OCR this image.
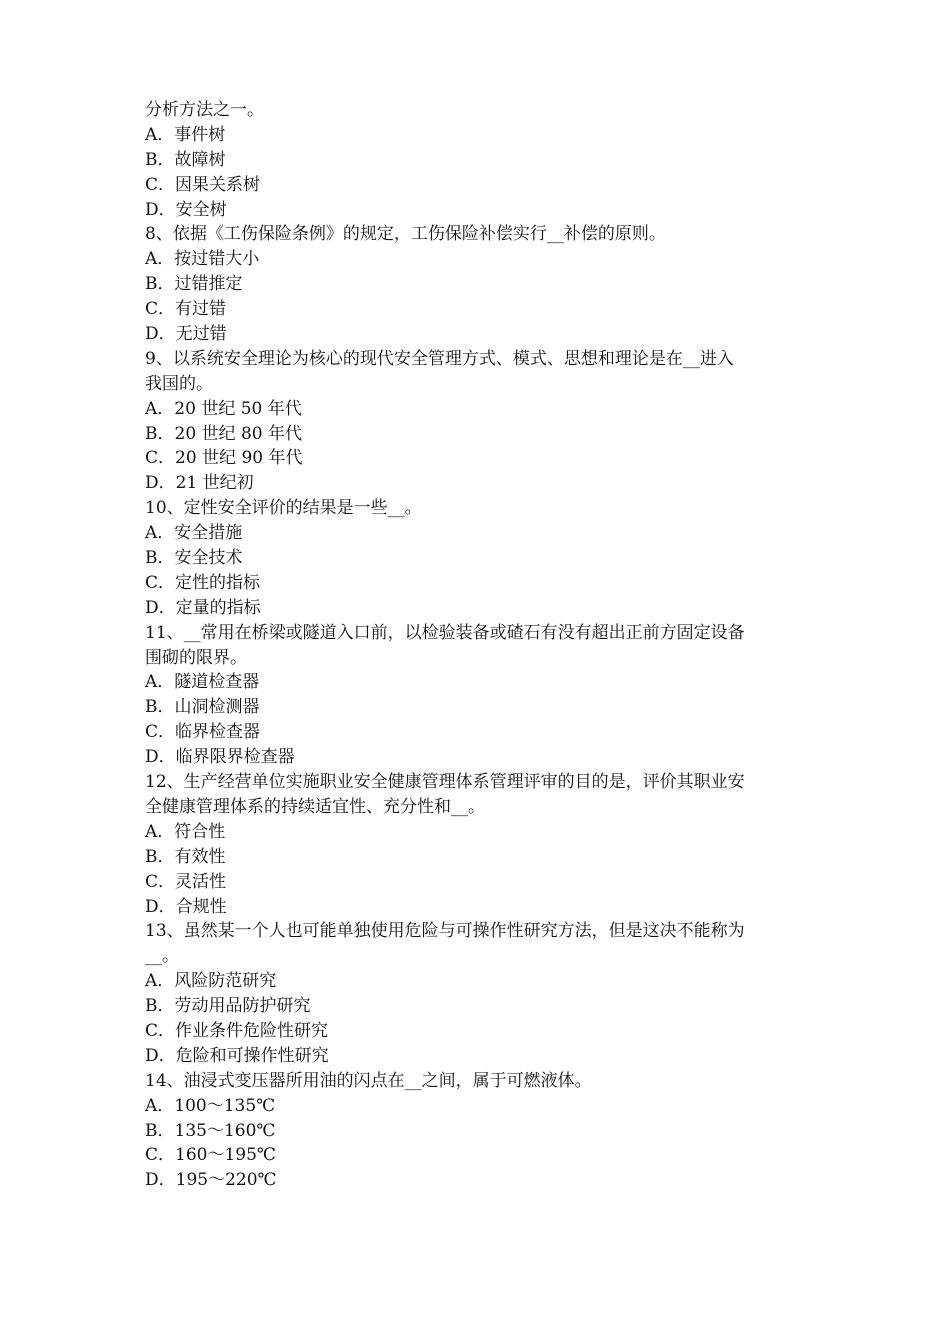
分析方法之一。
A．事件树
B．故障树
C．因果关系树
D．安全树
8、依据《工伤保险条例》的规定，工伤保险补偿实行__补偿的原则。
A．按过错大小
B．过错推定
C．有过错
D．无过错
9、以系统安全理论为核心的现代安全管理方式、模式、思想和理论是在__进入
我国的。
A．20 世纪 50 年代
B．20 世纪 80 年代
C．20 世纪 90 年代
D．21 世纪初
10、定性安全评价的结果是一些__。
A．安全措施
B．安全技术
C．定性的指标
D．定量的指标
11、__常用在桥梁或隧道入口前，以检验装备或碴石有没有超出正前方固定设备
围砌的限界。
A．隧道检查器
B．山洞检测器
C．临界检查器
D．临界限界检查器
12、生产经营单位实施职业安全健康管理体系管理评审的目的是，评价其职业安
全健康管理体系的持续适宜性、充分性和__。
A．符合性
B．有效性
C．灵活性
D．合规性
13、虽然某一个人也可能单独使用危险与可操作性研究方法，但是这决不能称为
__。
A．风险防范研究
B．劳动用品防护研究
C．作业条件危险性研究
D．危险和可操作性研究
14、油浸式变压器所用油的闪点在__之间，属于可燃液体。
A．100～135℃
B．135～160℃
C．160～195℃
D．195～220℃
